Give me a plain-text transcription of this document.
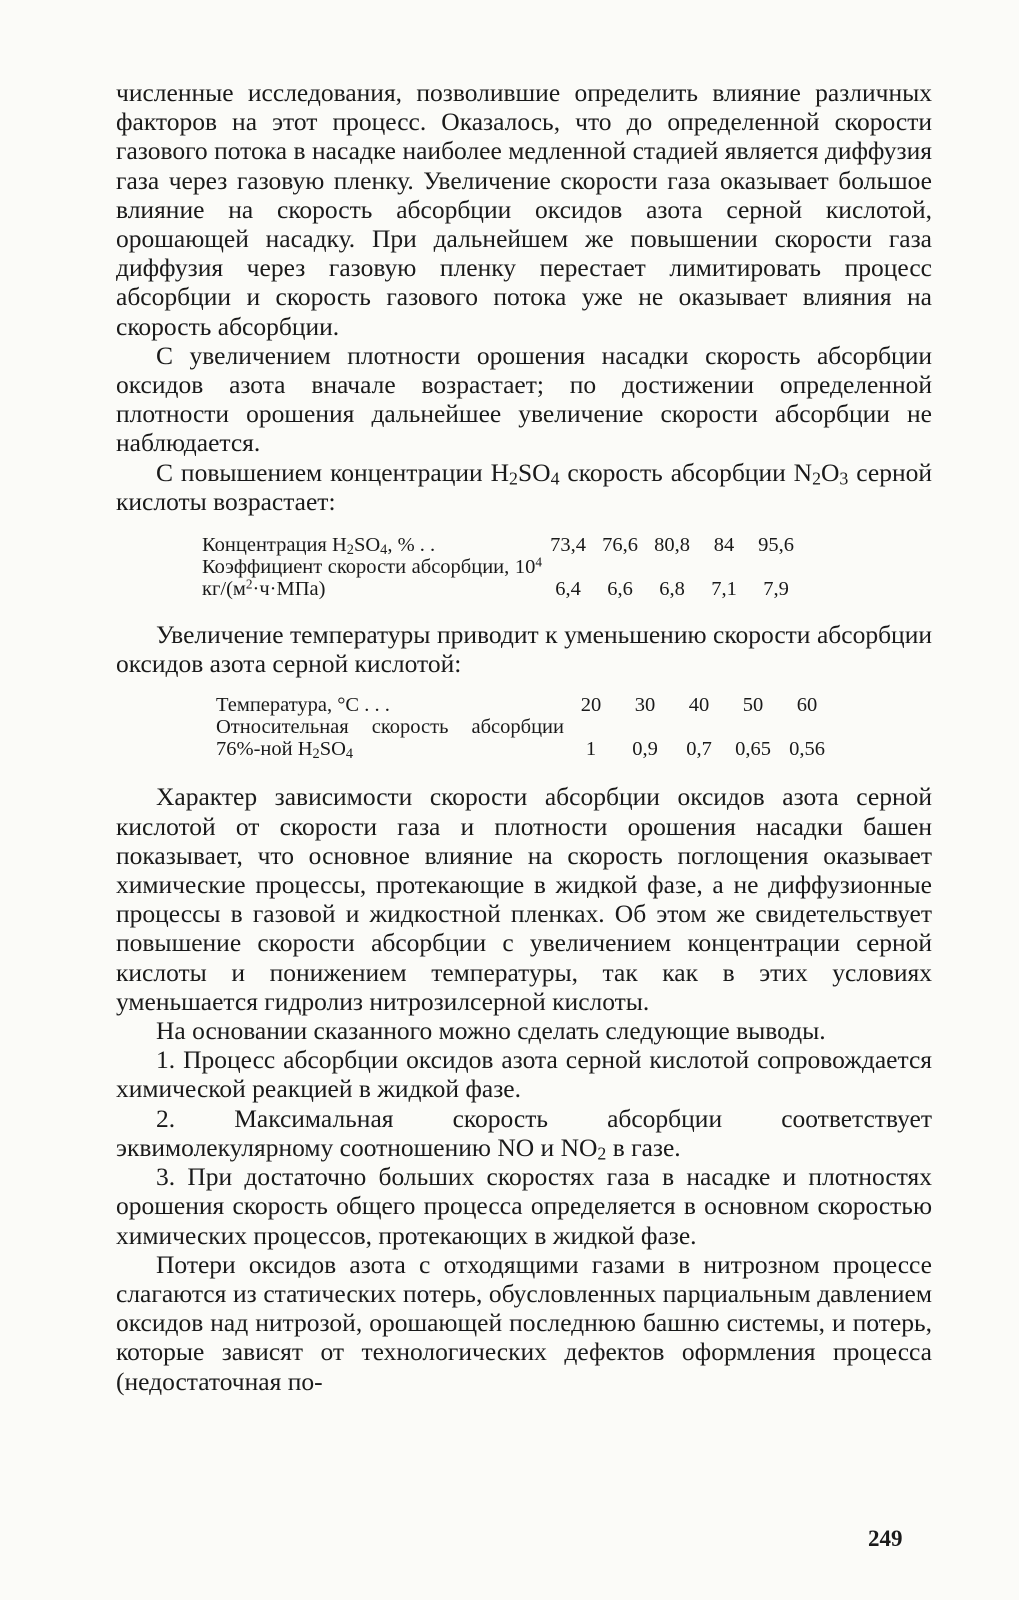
численные исследования, позволившие определить влияние различных факторов на этот процесс. Оказалось, что до определенной скорости газового потока в насадке наиболее медленной стадией является диффузия газа через газовую пленку. Увеличение скорости газа оказывает большое влияние на скорость абсорбции оксидов азота серной кислотой, орошающей насадку. При дальнейшем же повышении скорости газа диффузия через газовую пленку перестает лимитировать процесс абсорбции и скорость газового потока уже не оказывает влияния на скорость абсорбции.

С увеличением плотности орошения насадки скорость абсорбции оксидов азота вначале возрастает; по достижении определенной плотности орошения дальнейшее увеличение скорости абсорбции не наблюдается.

С повышением концентрации $H_2SO_4$ скорость абсорбции $N_2O_3$ серной кислоты возрастает:

Концентрация $H_2SO_4$, % . .	73,4	76,6	80,8	84	95,6
Коэффициент скорости абсорбции, $10^4$ $кг/(м^2\cdot ч\cdot МПа)$	6,4	6,6	6,8	7,1	7,9

Увеличение температуры приводит к уменьшению скорости абсорбции оксидов азота серной кислотой:

Температура, °С . . .	20	30	40	50	60
Относительная скорость абсорбции 76%-ной $H_2SO_4$	1	0,9	0,7	0,65	0,56

Характер зависимости скорости абсорбции оксидов азота серной кислотой от скорости газа и плотности орошения насадки башен показывает, что основное влияние на скорость поглощения оказывает химические процессы, протекающие в жидкой фазе, а не диффузионные процессы в газовой и жидкостной пленках. Об этом же свидетельствует повышение скорости абсорбции с увеличением концентрации серной кислоты и понижением температуры, так как в этих условиях уменьшается гидролиз нитрозилсерной кислоты.

На основании сказанного можно сделать следующие выводы.

1. Процесс абсорбции оксидов азота серной кислотой сопровождается химической реакцией в жидкой фазе.

2. Максимальная скорость абсорбции соответствует эквимолекулярному соотношению NO и $NO_2$ в газе.

3. При достаточно больших скоростях газа в насадке и плотностях орошения скорость общего процесса определяется в основном скоростью химических процессов, протекающих в жидкой фазе.

Потери оксидов азота с отходящими газами в нитрозном процессе слагаются из статических потерь, обусловленных парциальным давлением оксидов над нитрозой, орошающей последнюю башню системы, и потерь, которые зависят от технологических дефектов оформления процесса (недостаточная по-

249
